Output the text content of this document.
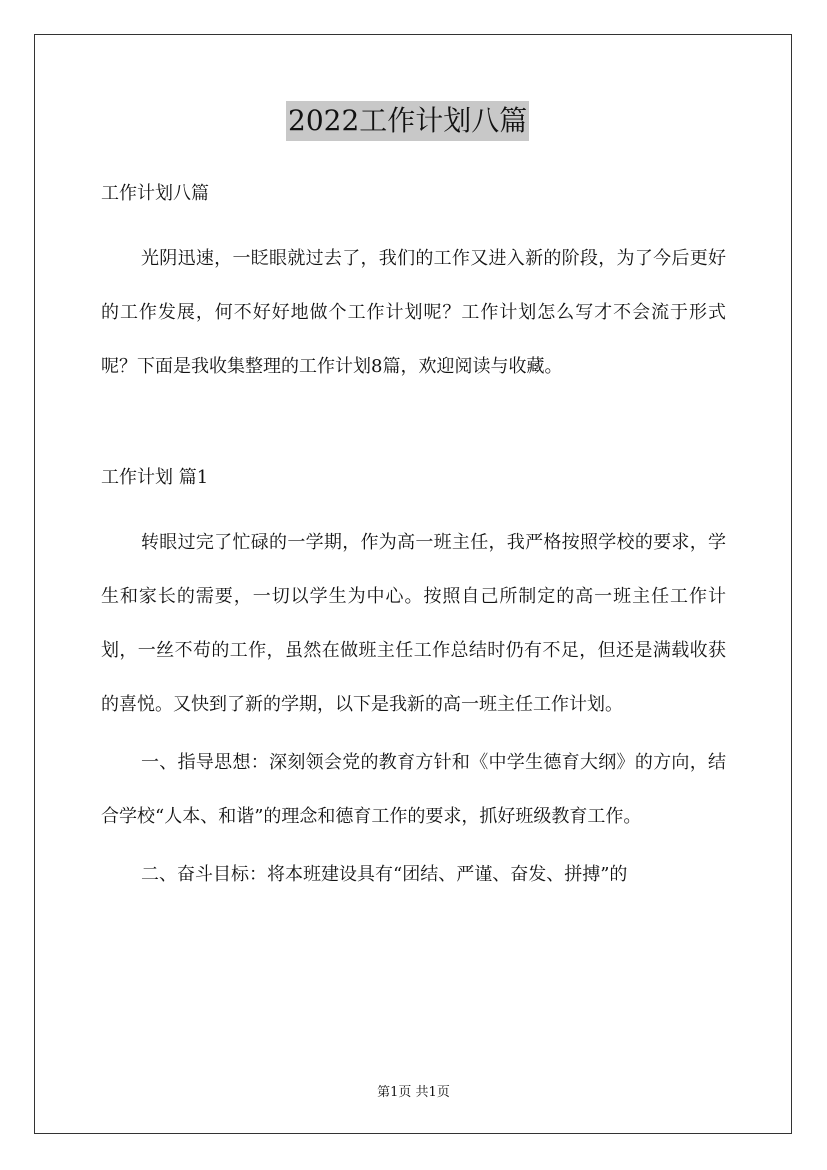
2022工作计划八篇

工作计划八篇

光阴迅速，一眨眼就过去了，我们的工作又进入新的阶段，为了今后更好的工作发展，何不好好地做个工作计划呢？工作计划怎么写才不会流于形式呢？下面是我收集整理的工作计划8篇，欢迎阅读与收藏。

工作计划 篇1

转眼过完了忙碌的一学期，作为高一班主任，我严格按照学校的要求，学生和家长的需要，一切以学生为中心。按照自己所制定的高一班主任工作计划，一丝不苟的工作，虽然在做班主任工作总结时仍有不足，但还是满载收获的喜悦。又快到了新的学期，以下是我新的高一班主任工作计划。

一、指导思想：深刻领会党的教育方针和《中学生德育大纲》的方向，结合学校“人本、和谐”的理念和德育工作的要求，抓好班级教育工作。

二、奋斗目标：将本班建设具有“团结、严谨、奋发、拼搏”的

第1页 共1页
